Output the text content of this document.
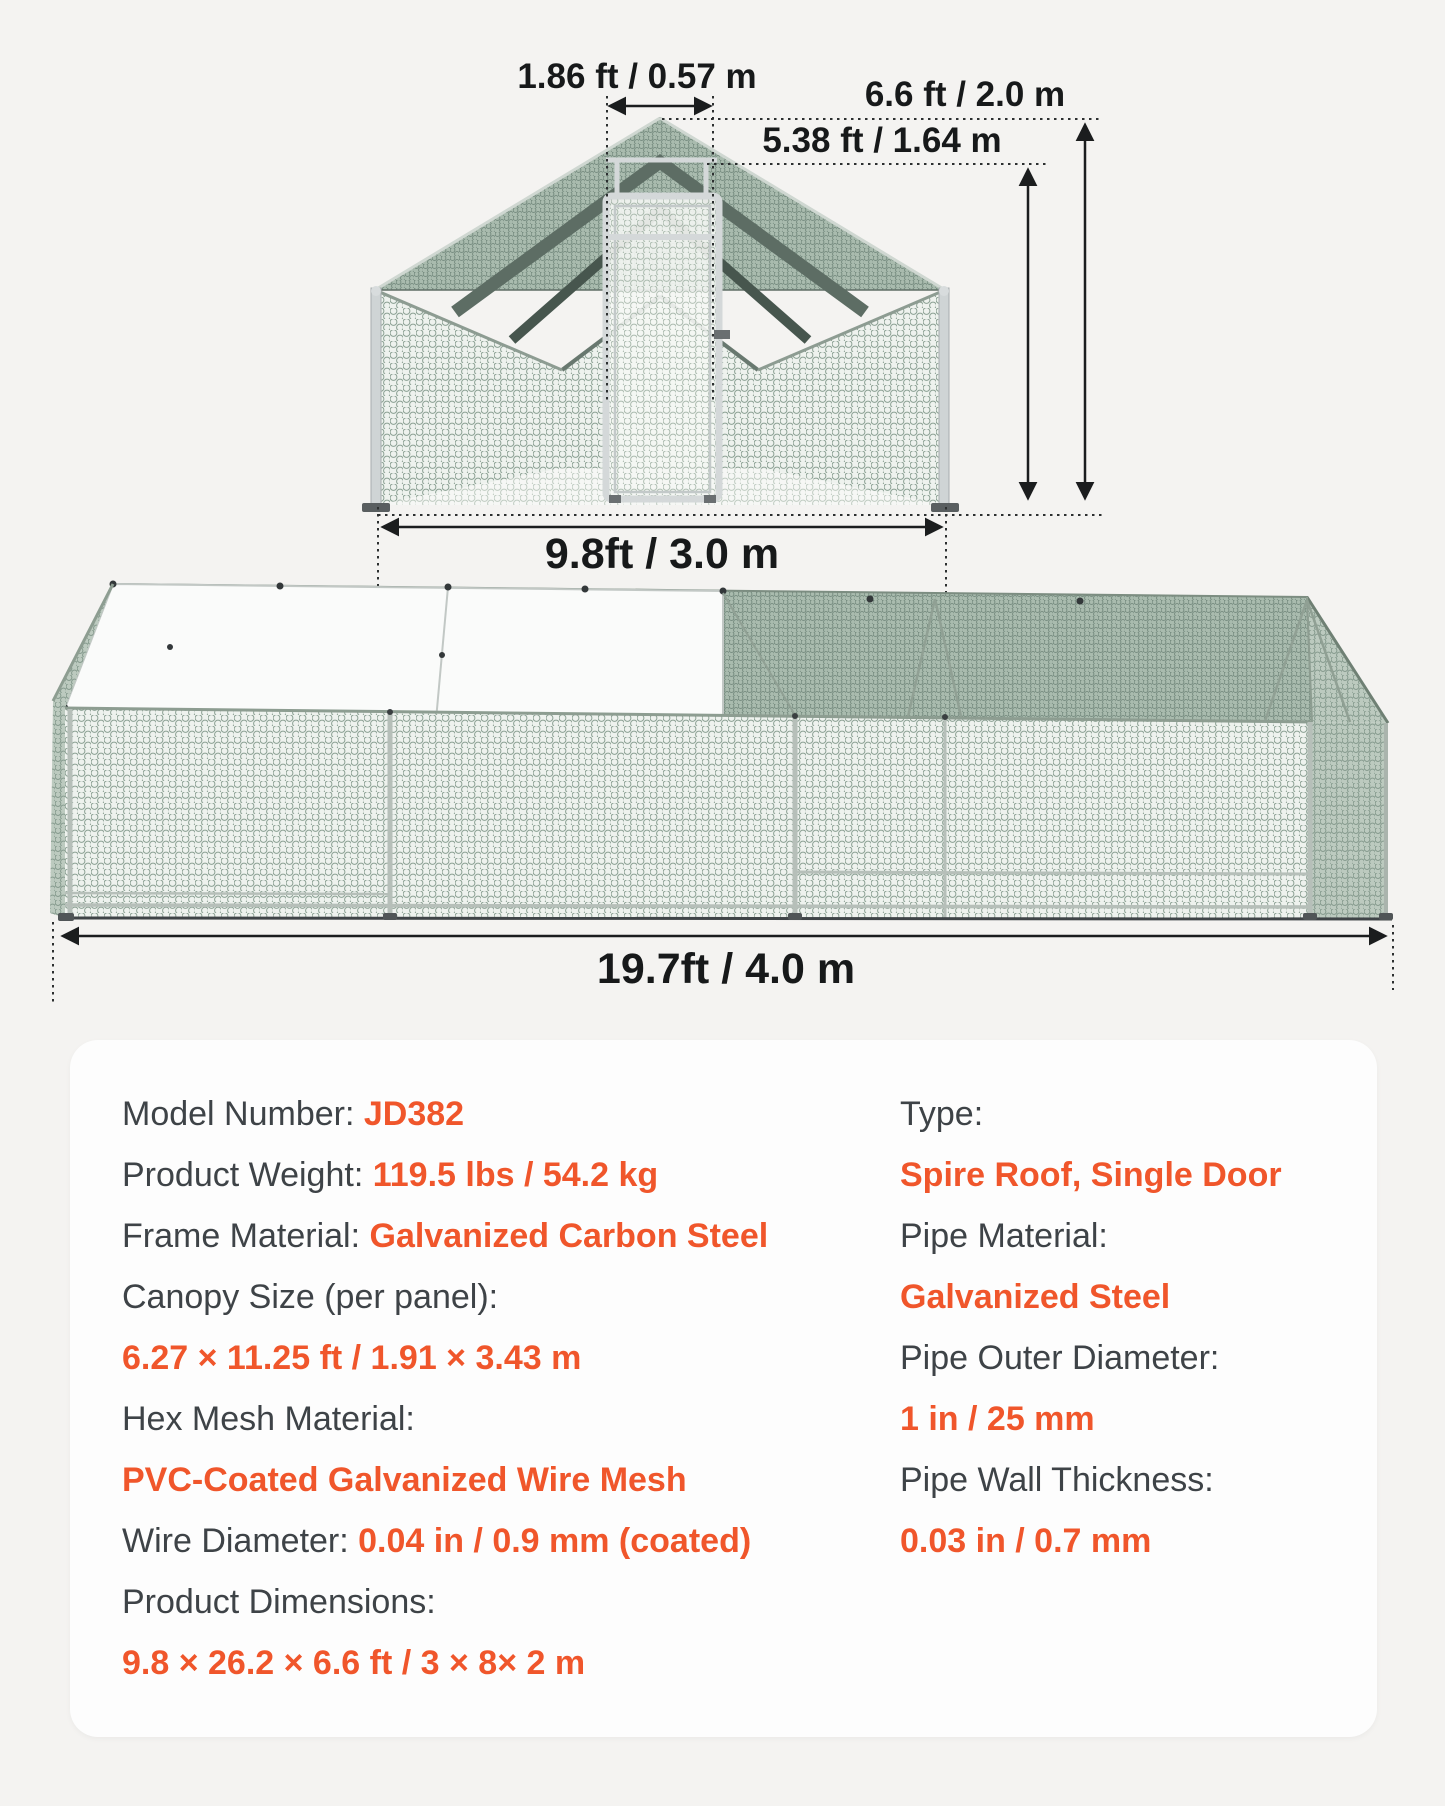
1.86 ft / 0.57 m	6.6 ft / 2.0 m
5.38 ft / 1.64 m
9.8ft / 3.0 m
19.7ft / 4.0 m
Model Number: JD382
Product Weight: 119.5 lbs / 54.2 kg
Frame Material: Galvanized Carbon Steel
Canopy Size (per panel):
6.27 × 11.25 ft / 1.91 × 3.43 m
Hex Mesh Material:
PVC-Coated Galvanized Wire Mesh
Wire Diameter: 0.04 in / 0.9 mm (coated)
Product Dimensions:
9.8 × 26.2 × 6.6 ft / 3 × 8× 2 m
Type:
Spire Roof, Single Door
Pipe Material:
Galvanized Steel
Pipe Outer Diameter:
1 in / 25 mm
Pipe Wall Thickness:
0.03 in / 0.7 mm
